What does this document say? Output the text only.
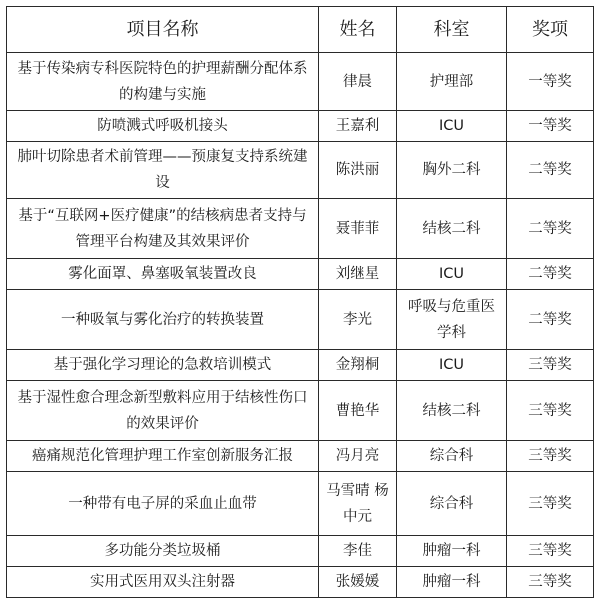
项目名称	姓名	科室	奖项
基于传染病专科医院特色的护理薪酬分配体系的构建与实施	律晨	护理部	一等奖
防喷溅式呼吸机接头	王嘉利	ICU	一等奖
肺叶切除患者术前管理——预康复支持系统建设	陈洪丽	胸外二科	二等奖
基于“互联网+医疗健康”的结核病患者支持与管理平台构建及其效果评价	聂菲菲	结核二科	二等奖
雾化面罩、鼻塞吸氧装置改良	刘继星	ICU	二等奖
一种吸氧与雾化治疗的转换装置	李光	呼吸与危重医学科	二等奖
基于强化学习理论的急救培训模式	金翔桐	ICU	三等奖
基于湿性愈合理念新型敷料应用于结核性伤口的效果评价	曹艳华	结核二科	三等奖
癌痛规范化管理护理工作室创新服务汇报	冯月亮	综合科	三等奖
一种带有电子屏的采血止血带	马雪晴 杨中元	综合科	三等奖
多功能分类垃圾桶	李佳	肿瘤一科	三等奖
实用式医用双头注射器	张媛媛	肿瘤一科	三等奖
